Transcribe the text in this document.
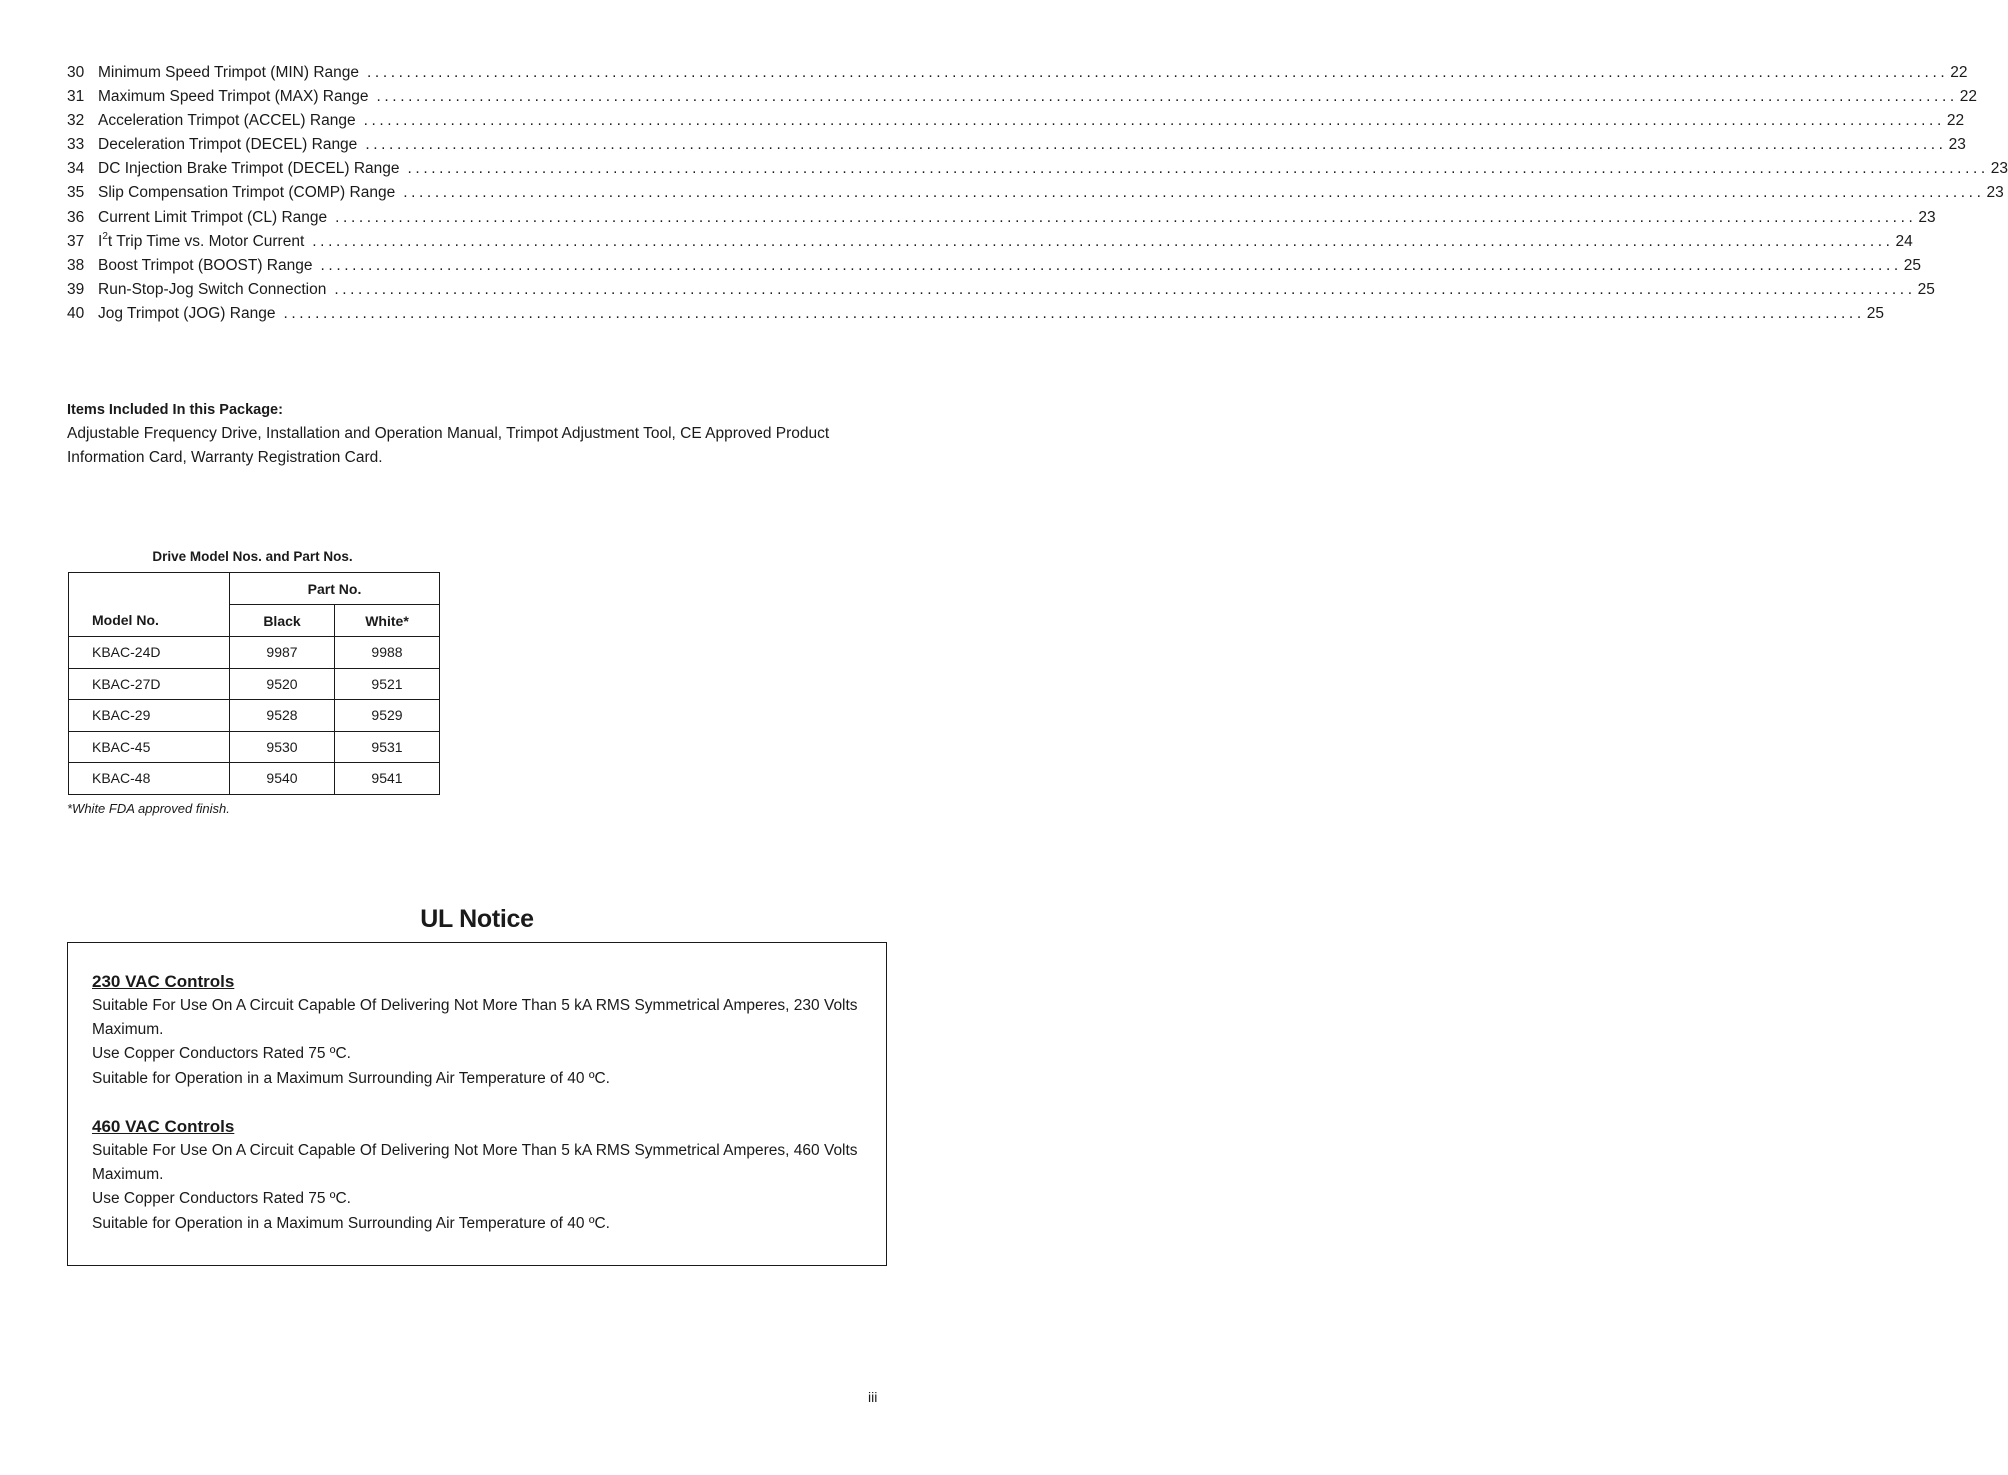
30 Minimum Speed Trimpot (MIN) Range ........................................................................................................................................................................................................ 22
31 Maximum Speed Trimpot (MAX) Range ........................................................................................................................................................................................................ 22
32 Acceleration Trimpot (ACCEL) Range ........................................................................................................................................................................................................ 22
33 Deceleration Trimpot (DECEL) Range ........................................................................................................................................................................................................ 23
34 DC Injection Brake Trimpot (DECEL) Range ........................................................................................................................................................................................................ 23
35 Slip Compensation Trimpot (COMP) Range ........................................................................................................................................................................................................ 23
36 Current Limit Trimpot (CL) Range ........................................................................................................................................................................................................ 23
37 $I^2t$ Trip Time vs. Motor Current ........................................................................................................................................................................................................ 24
38 Boost Trimpot (BOOST) Range ........................................................................................................................................................................................................ 25
39 Run-Stop-Jog Switch Connection ........................................................................................................................................................................................................ 25
40 Jog Trimpot (JOG) Range ........................................................................................................................................................................................................ 25
Items Included In this Package:

Adjustable Frequency Drive, Installation and Operation Manual, Trimpot Adjustment Tool, CE Approved Product Information Card, Warranty Registration Card.

Drive Model Nos. and Part Nos.
	Part No.	
Model No.	Black	White*
KBAC-24D	9987	9988
KBAC-27D	9520	9521
KBAC-29	9528	9529
KBAC-45	9530	9531
KBAC-48	9540	9541
*White FDA approved finish.
UL Notice
230 VAC Controls

Suitable For Use On A Circuit Capable Of Delivering Not More Than 5 kA RMS Symmetrical Amperes, 230 Volts Maximum.

Use Copper Conductors Rated 75 ºC.

Suitable for Operation in a Maximum Surrounding Air Temperature of 40 ºC.

460 VAC Controls

Suitable For Use On A Circuit Capable Of Delivering Not More Than 5 kA RMS Symmetrical Amperes, 460 Volts Maximum.

Use Copper Conductors Rated 75 ºC.

Suitable for Operation in a Maximum Surrounding Air Temperature of 40 ºC.

iii
